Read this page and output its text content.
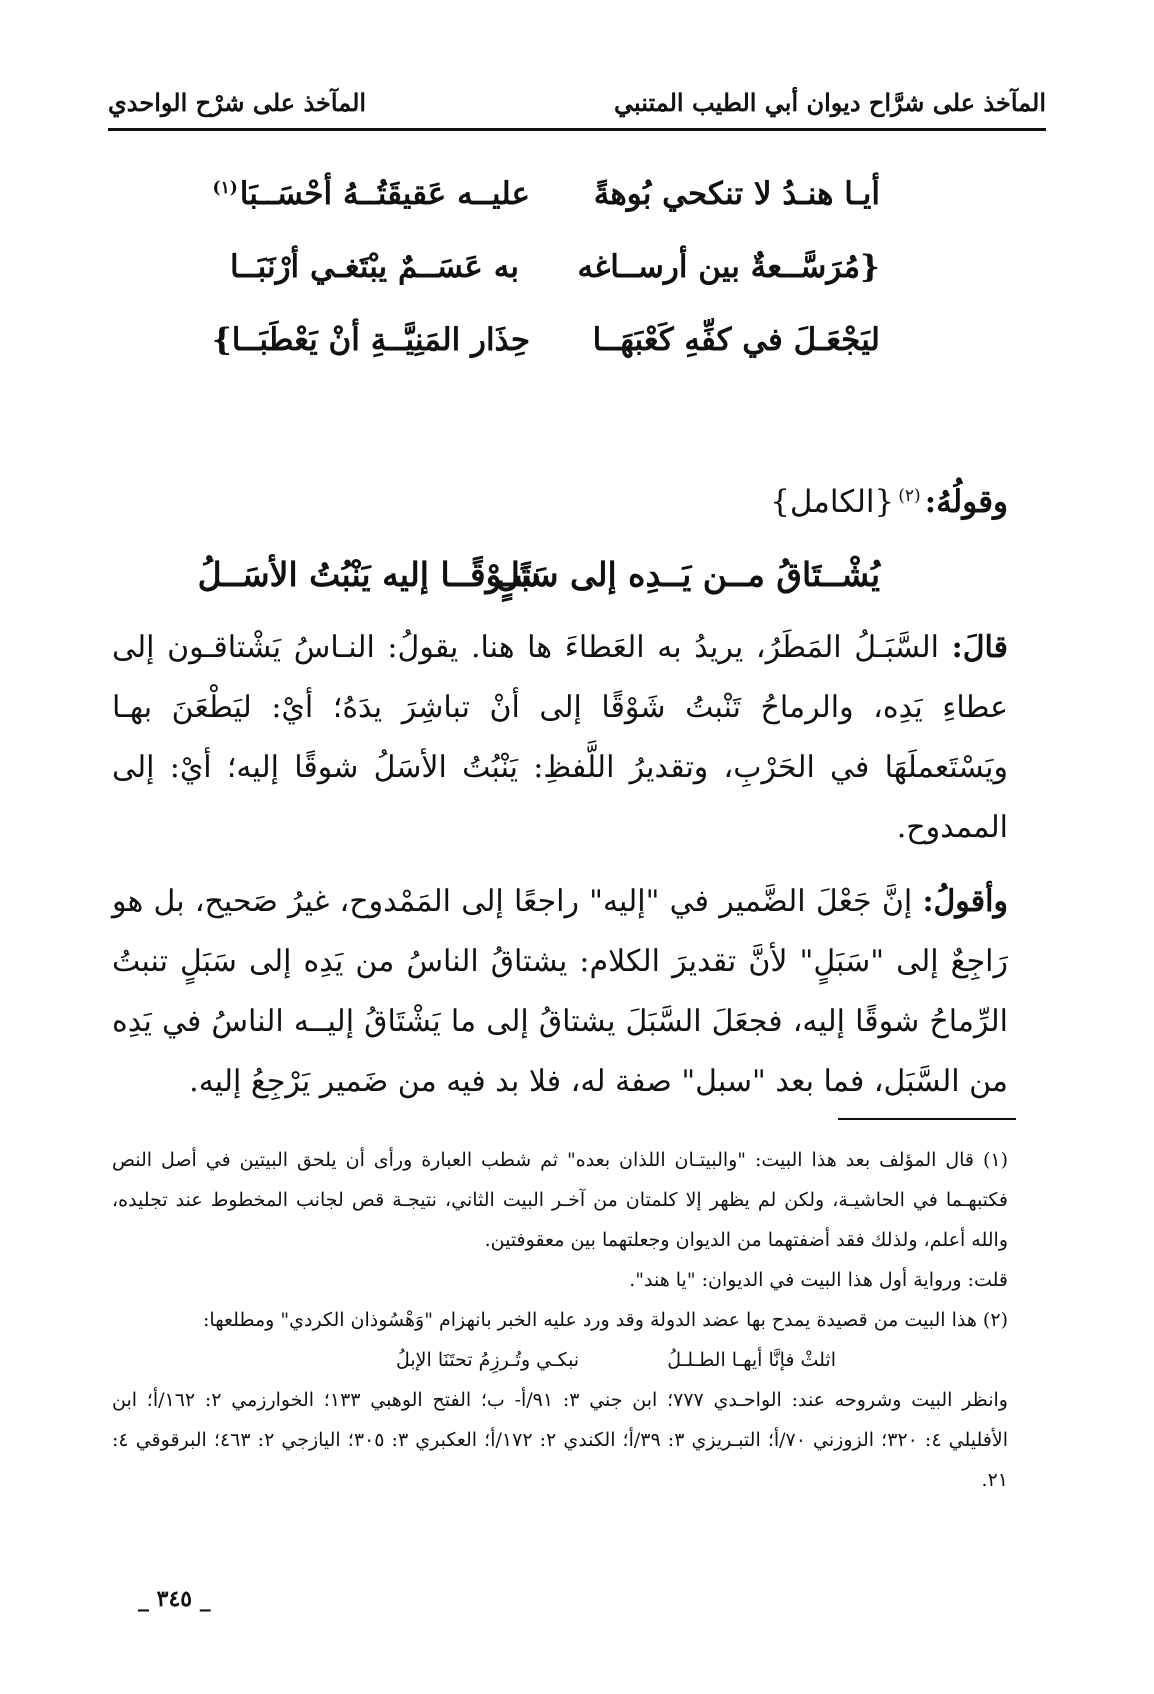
المآخذ على شرَّاح ديوان أبي الطيب المتنبي
المآخذ على شرْح الواحدي
أيـا هنـدُ لا تنكحي بُوهةً
عليــه عَقيقَتُــهُ أحْسَــبَا$^{(١)}$
{مُرَسَّــعةٌ بين أرســاغه
به عَسَــمٌ يبْتَغـي أرْنَبَــا
ليَجْعَـلَ في كفِّهِ كَعْبَهَــا
حِذَار المَنِيَّــةِ أنْ يَعْطَبَــا}
وقولُهُ:$^{(٢)}${الكامل}
يُشْــتَاقُ مــن يَــدِه إلى سَبَلٍ
شَـوْقًــا إليه يَنْبُتُ الأسَــلُ

قالَ: السَّبَـلُ المَطَرُ، يريدُ به العَطاءَ ها هنا. يقولُ: النـاسُ يَشْتاقـون إلى عطاءِ يَدِه، والرماحُ تَنْبتُ شَوْقًا إلى أنْ تباشِرَ يدَهُ؛ أيْ: ليَطْعَنَ بهـا ويَسْتَعملَهَا في الحَرْبِ، وتقديرُ اللَّفظِ: يَنْبُتُ الأسَلُ شوقًا إليه؛ أيْ: إلى الممدوح.

وأقولُ: إنَّ جَعْلَ الضَّمير في "إليه" راجعًا إلى المَمْدوح، غيرُ صَحيح، بل هو رَاجِعٌ إلى "سَبَلٍ" لأنَّ تقديرَ الكلام: يشتاقُ الناسُ من يَدِه إلى سَبَلٍ تنبتُ الرِّماحُ شوقًا إليه، فجعَلَ السَّبَلَ يشتاقُ إلى ما يَشْتَاقُ إليــه الناسُ في يَدِه من السَّبَل، فما بعد "سبل" صفة له، فلا بد فيه من ضَمير يَرْجِعُ إليه.

(١) قال المؤلف بعد هذا البيت: "والبيتـان اللذان بعده" ثم شطب العبارة ورأى أن يلحق البيتين في أصل النص فكتبهـما في الحاشيـة، ولكن لم يظهر إلا كلمتان من آخـر البيت الثاني، نتيجـة قص لجانب المخطوط عند تجليده، والله أعلم، ولذلك فقد أضفتهما من الديوان وجعلتهما بين معقوفتين.

قلت: ورواية أول هذا البيت في الديوان: "يا هند".

(٢) هذا البيت من قصيدة يمدح بها عضد الدولة وقد ورد عليه الخبر بانهزام "وَهْسُوذان الكردي" ومطلعها:

اثلثْ فإنَّا أيهـا الطـلـلُ
نبكـي وتُـرزِمُ تحتَنَا الإبلُ

وانظر البيت وشروحه عند: الواحـدي ٧٧٧؛ ابن جني ٣: ٩١/أ- ب؛ الفتح الوهبي ١٣٣؛ الخوارزمي ٢: ١٦٢/أ؛ ابن الأفليلي ٤: ٣٢٠؛ الزوزني ٧٠/أ؛ التبـريزي ٣: ٣٩/أ؛ الكندي ٢: ١٧٢/أ؛ العكبري ٣: ٣٠٥؛ اليازجي ٢: ٤٦٣؛ البرقوقي ٤: ٢١.

_ ٣٤٥ _
